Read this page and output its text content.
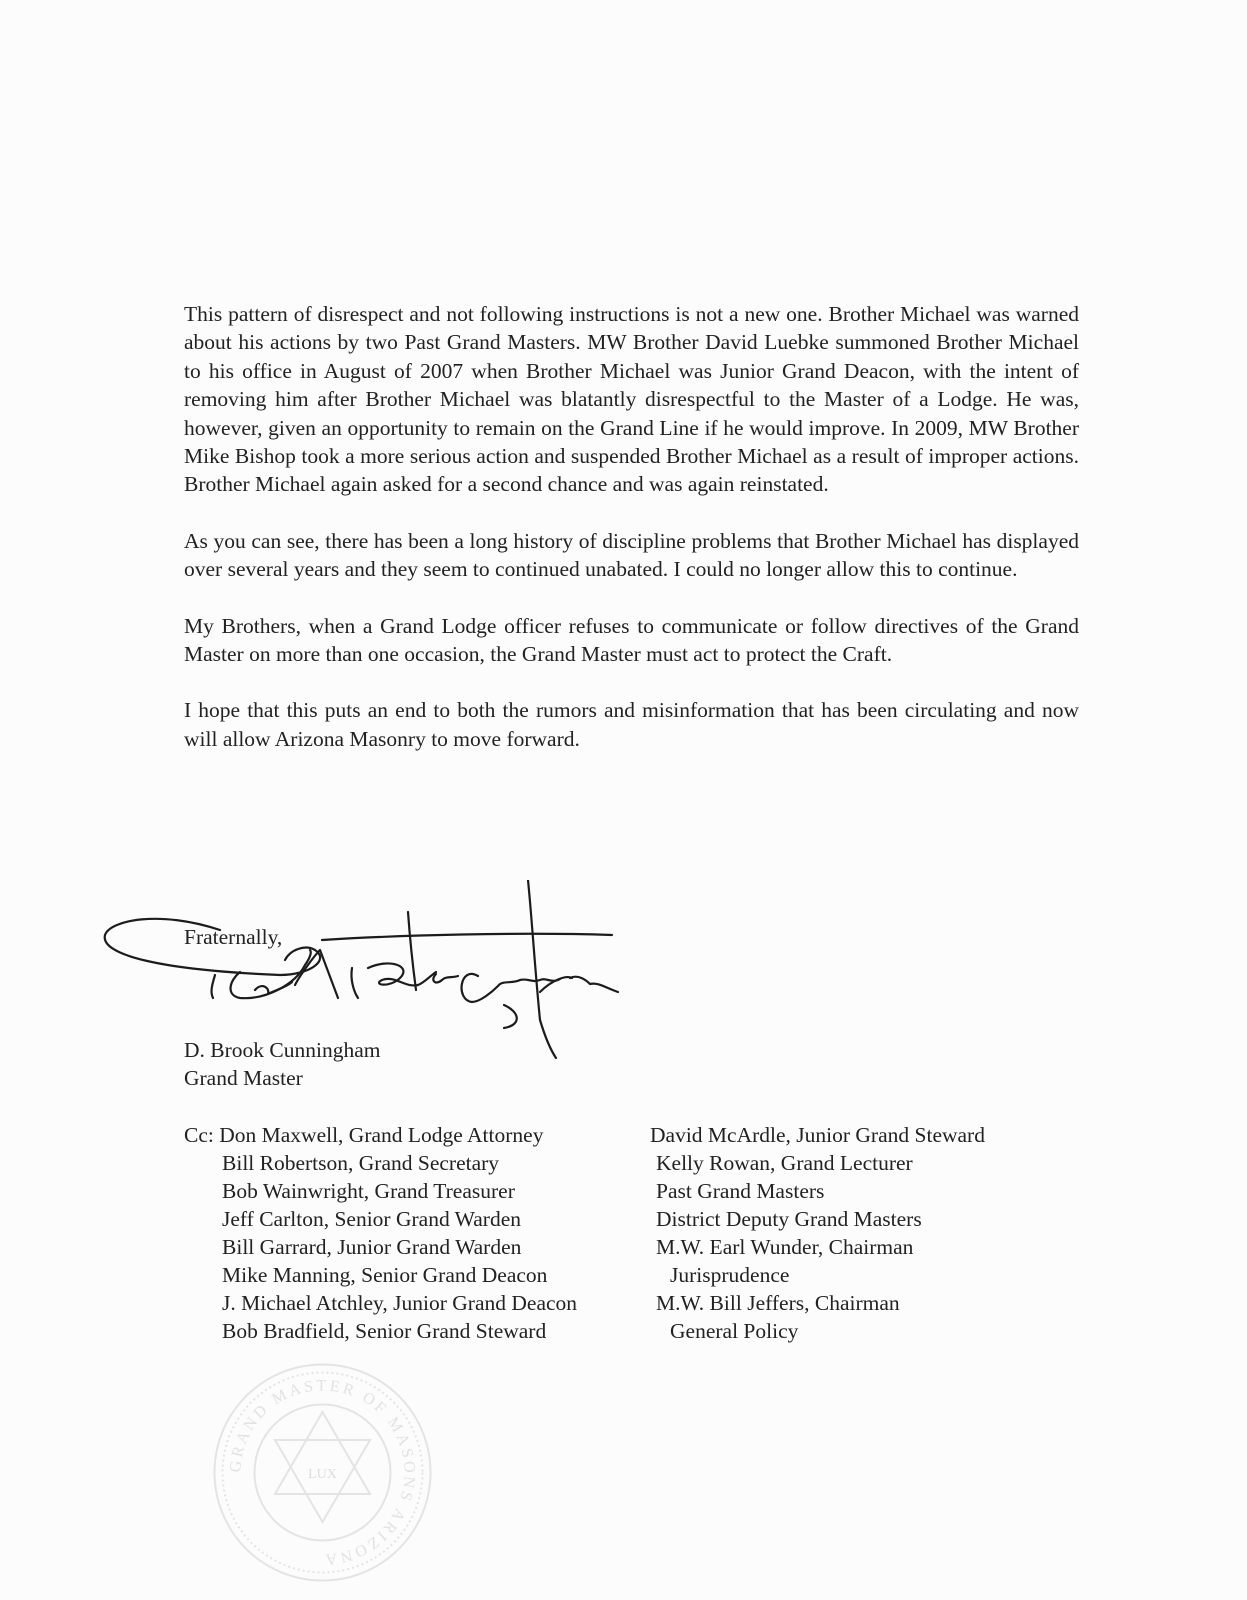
This pattern of disrespect and not following instructions is not a new one. Brother Michael was warned about his actions by two Past Grand Masters. MW Brother David Luebke summoned Brother Michael to his office in August of 2007 when Brother Michael was Junior Grand Deacon, with the intent of removing him after Brother Michael was blatantly disrespectful to the Master of a Lodge. He was, however, given an opportunity to remain on the Grand Line if he would improve. In 2009, MW Brother Mike Bishop took a more serious action and suspended Brother Michael as a result of improper actions. Brother Michael again asked for a second chance and was again reinstated.

As you can see, there has been a long history of discipline problems that Brother Michael has displayed over several years and they seem to continued unabated. I could no longer allow this to continue.

My Brothers, when a Grand Lodge officer refuses to communicate or follow directives of the Grand Master on more than one occasion, the Grand Master must act to protect the Craft.

I hope that this puts an end to both the rumors and misinformation that has been circulating and now will allow Arizona Masonry to move forward.

Fraternally,
D. Brook Cunningham
Grand Master
Cc: Don Maxwell, Grand Lodge Attorney
Bill Robertson, Grand Secretary
Bob Wainwright, Grand Treasurer
Jeff Carlton, Senior Grand Warden
Bill Garrard, Junior Grand Warden
Mike Manning, Senior Grand Deacon
J. Michael Atchley, Junior Grand Deacon
Bob Bradfield, Senior Grand Steward
David McArdle, Junior Grand Steward
Kelly Rowan, Grand Lecturer
Past Grand Masters
District Deputy Grand Masters
M.W. Earl Wunder, Chairman
Jurisprudence
M.W. Bill Jeffers, Chairman
General Policy
GRAND MASTER OF MASONS ARIZONA
LUX
